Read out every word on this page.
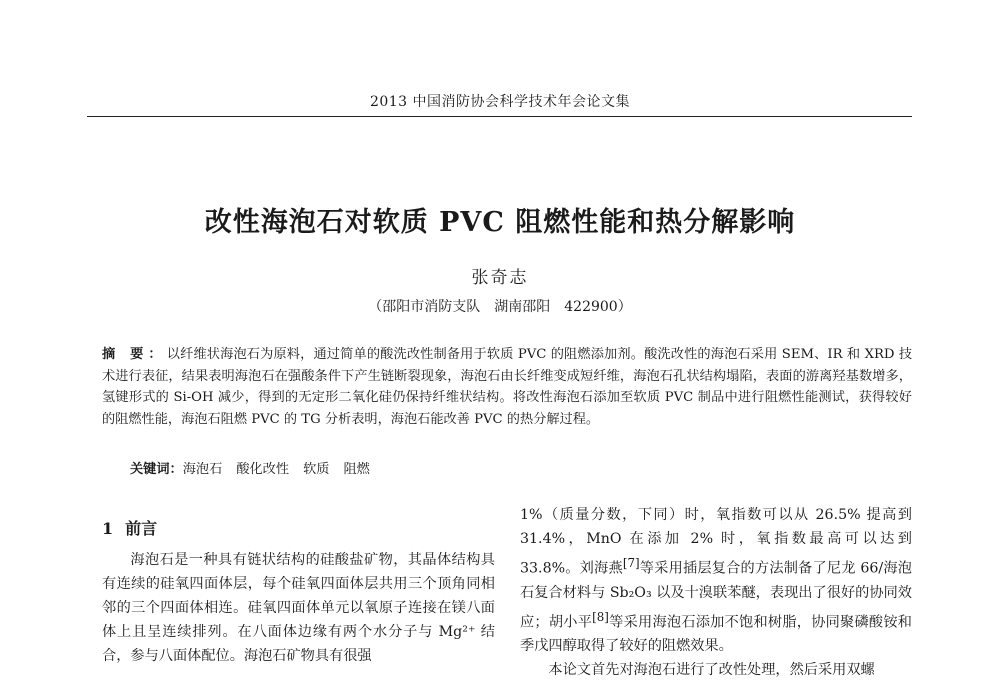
2013 中国消防协会科学技术年会论文集
改性海泡石对软质 PVC 阻燃性能和热分解影响
张奇志
（邵阳市消防支队 湖南邵阳 422900）
摘 要：以纤维状海泡石为原料，通过简单的酸洗改性制备用于软质 PVC 的阻燃添加剂。酸洗改性的海泡石采用 SEM、IR 和 XRD 技术进行表征，结果表明海泡石在强酸条件下产生链断裂现象，海泡石由长纤维变成短纤维，海泡石孔状结构塌陷，表面的游离羟基数增多，氢键形式的 Si-OH 减少，得到的无定形二氧化硅仍保持纤维状结构。将改性海泡石添加至软质 PVC 制品中进行阻燃性能测试，获得较好的阻燃性能，海泡石阻燃 PVC 的 TG 分析表明，海泡石能改善 PVC 的热分解过程。
关键词：海泡石 酸化改性 软质 阻燃
1 前言

海泡石是一种具有链状结构的硅酸盐矿物，其晶体结构具有连续的硅氧四面体层，每个硅氧四面体层共用三个顶角同相邻的三个四面体相连。硅氧四面体单元以氧原子连接在镁八面体上且呈连续排列。在八面体边缘有两个水分子与 Mg²⁺ 结合，参与八面体配位。海泡石矿物具有很强

1%（质量分数，下同）时，氧指数可以从 26.5% 提高到 31.4%，MnO 在添加 2% 时，氧指数最高可以达到 33.8%。刘海燕[7]等采用插层复合的方法制备了尼龙 66/海泡石复合材料与 Sb₂O₃ 以及十溴联苯醚，表现出了很好的协同效应；胡小平[8]等采用海泡石添加不饱和树脂，协同聚磷酸铵和季戊四醇取得了较好的阻燃效果。

本论文首先对海泡石进行了改性处理，然后采用双螺
